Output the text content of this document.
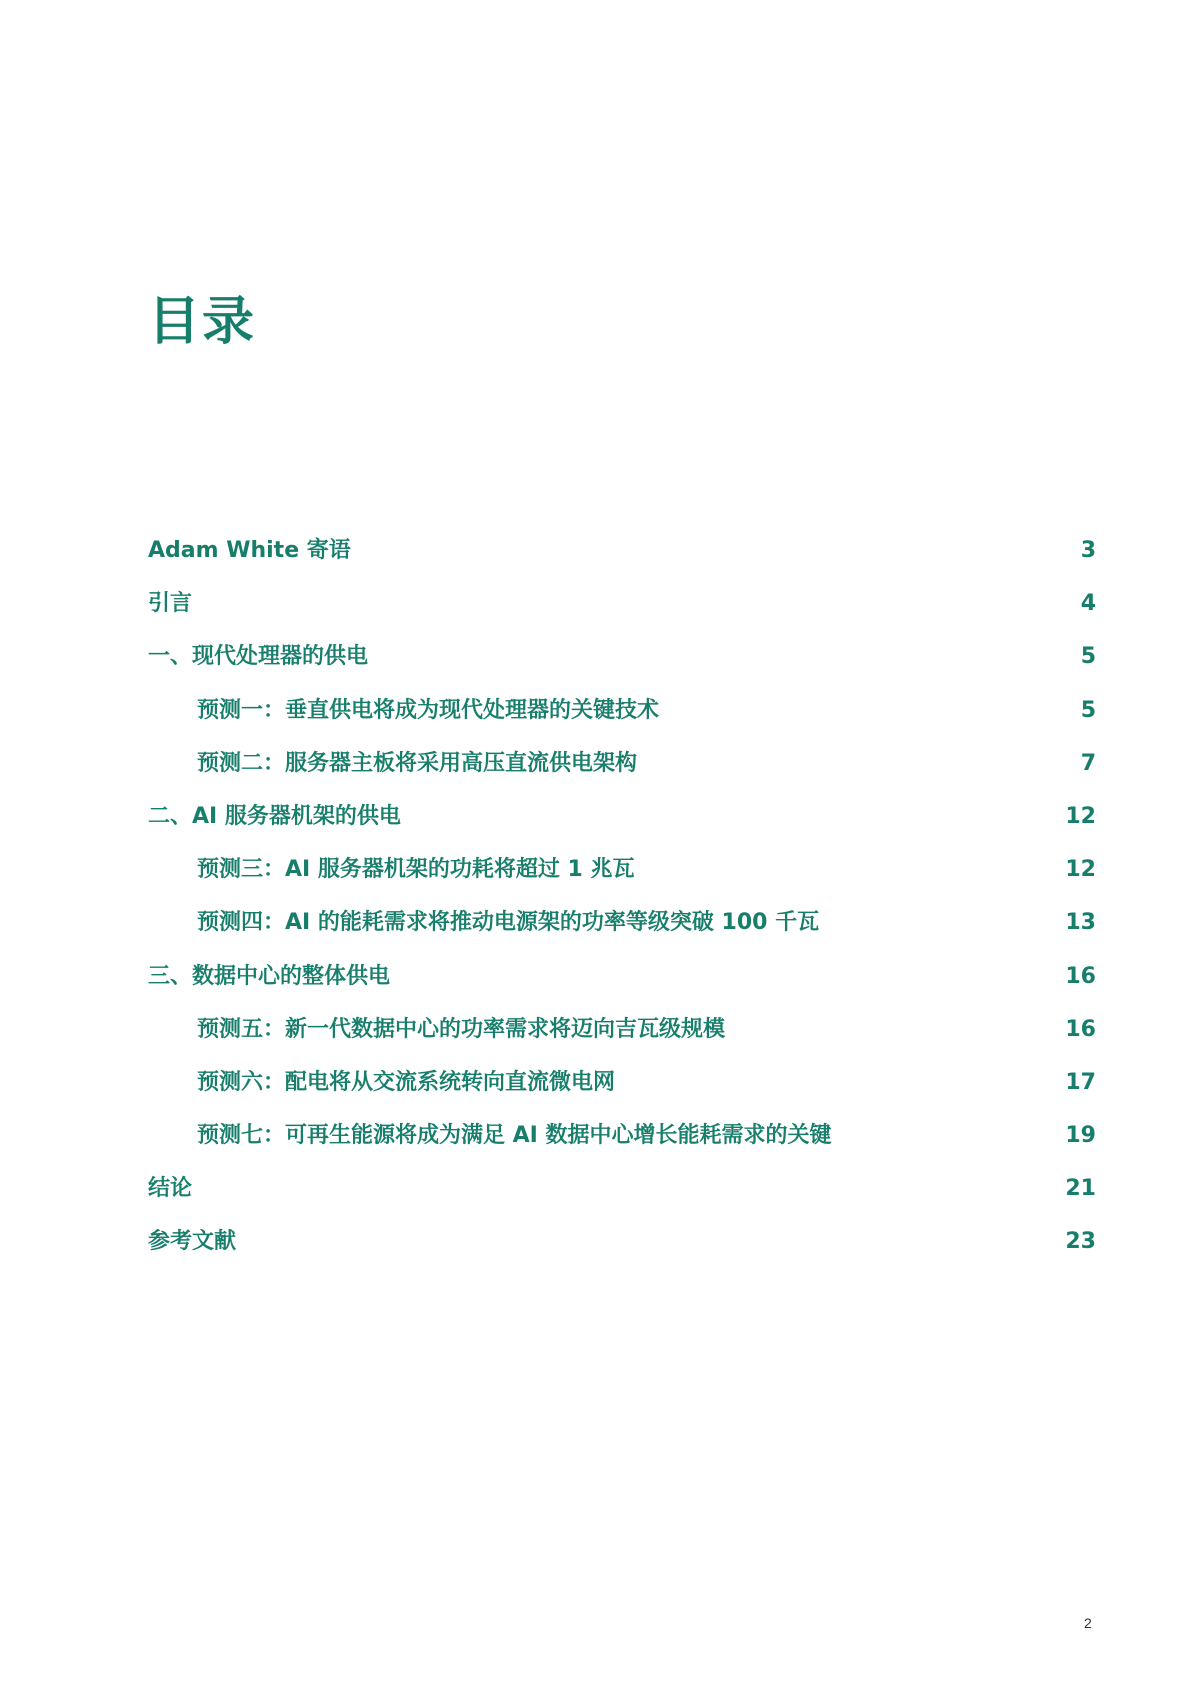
目录
Adam White 寄语	3
引言	4
一、现代处理器的供电	5
预测一：垂直供电将成为现代处理器的关键技术	5
预测二：服务器主板将采用高压直流供电架构	7
二、AI 服务器机架的供电	12
预测三：AI 服务器机架的功耗将超过 1 兆瓦	12
预测四：AI 的能耗需求将推动电源架的功率等级突破 100 千瓦	13
三、数据中心的整体供电	16
预测五：新一代数据中心的功率需求将迈向吉瓦级规模	16
预测六：配电将从交流系统转向直流微电网	17
预测七：可再生能源将成为满足 AI 数据中心增长能耗需求的关键	19
结论	21
参考文献	23
2
